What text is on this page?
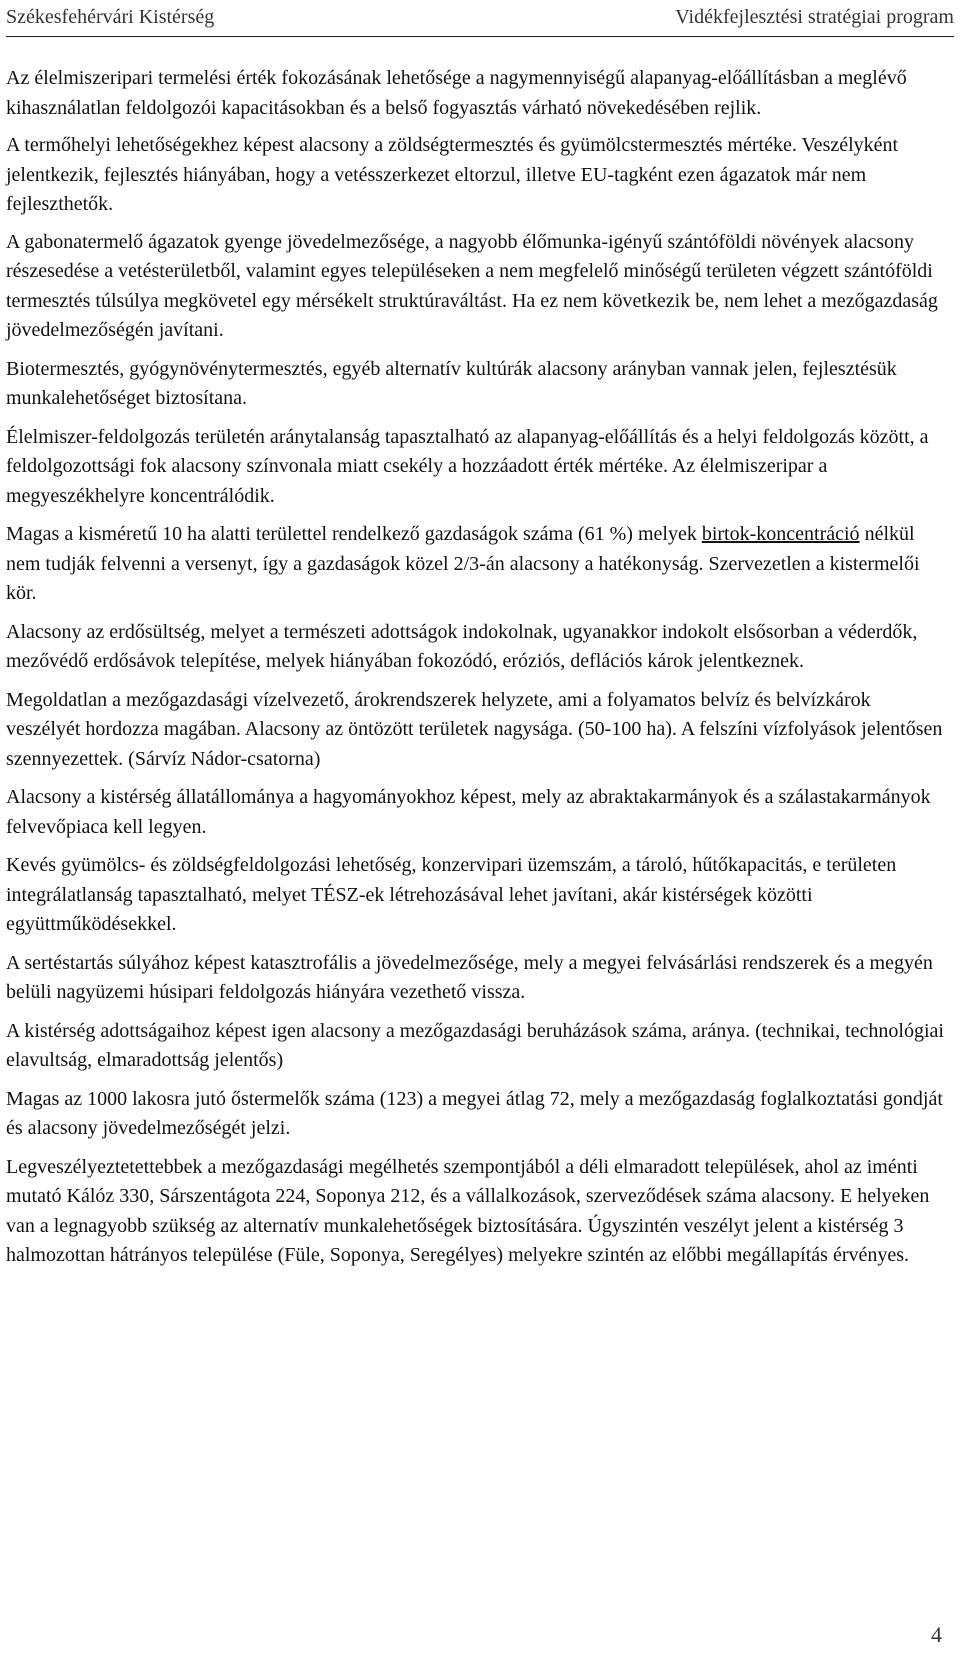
Székesfehérvári Kistérség	Vidékfejlesztési stratégiai program

Az élelmiszeripari termelési érték fokozásának lehetősége a nagymennyiségű alapanyag-előállításban a meglévő kihasználatlan feldolgozói kapacitásokban és a belső fogyasztás várható növekedésében rejlik.

A termőhelyi lehetőségekhez képest alacsony a zöldségtermesztés és gyümölcstermesztés mértéke. Veszélyként jelentkezik, fejlesztés hiányában, hogy a vetésszerkezet eltorzul, illetve EU-tagként ezen ágazatok már nem fejleszthetők.

A gabonatermelő ágazatok gyenge jövedelmezősége, a nagyobb élőmunka-igényű szántóföldi növények alacsony részesedése a vetésterületből, valamint egyes településeken a nem megfelelő minőségű területen végzett szántóföldi termesztés túlsúlya megkövetel egy mérsékelt struktúraváltást. Ha ez nem következik be, nem lehet a mezőgazdaság jövedelmezőségén javítani.

Biotermesztés, gyógynövénytermesztés, egyéb alternatív kultúrák alacsony arányban vannak jelen, fejlesztésük munkalehetőséget biztosítana.

Élelmiszer-feldolgozás területén aránytalanság tapasztalható az alapanyag-előállítás és a helyi feldolgozás között, a feldolgozottsági fok alacsony színvonala miatt csekély a hozzáadott érték mértéke. Az élelmiszeripar a megyeszékhelyre koncentrálódik.

Magas a kisméretű 10 ha alatti területtel rendelkező gazdaságok száma (61 %) melyek birtok-koncentráció nélkül nem tudják felvenni a versenyt, így a gazdaságok közel 2/3-án alacsony a hatékonyság. Szervezetlen a kistermelői kör.

Alacsony az erdősültség, melyet a természeti adottságok indokolnak, ugyanakkor indokolt elsősorban a véderdők, mezővédő erdősávok telepítése, melyek hiányában fokozódó, eróziós, deflációs károk jelentkeznek.

Megoldatlan a mezőgazdasági vízelvezető, árokrendszerek helyzete, ami a folyamatos belvíz és belvízkárok veszélyét hordozza magában. Alacsony az öntözött területek nagysága. (50-100 ha). A felszíni vízfolyások jelentősen szennyezettek. (Sárvíz Nádor-csatorna)

Alacsony a kistérség állatállománya a hagyományokhoz képest, mely az abraktakarmányok és a szálastakarmányok felvevőpiaca kell legyen.

Kevés gyümölcs- és zöldségfeldolgozási lehetőség, konzervipari üzemszám, a tároló, hűtőkapacitás, e területen integrálatlanság tapasztalható, melyet TÉSZ-ek létrehozásával lehet javítani, akár kistérségek közötti együttműködésekkel.

A sertéstartás súlyához képest katasztrofális a jövedelmezősége, mely a megyei felvásárlási rendszerek és a megyén belüli nagyüzemi húsipari feldolgozás hiányára vezethető vissza.

A kistérség adottságaihoz képest igen alacsony a mezőgazdasági beruházások száma, aránya. (technikai, technológiai elavultság, elmaradottság jelentős)

Magas az 1000 lakosra jutó őstermelők száma (123) a megyei átlag 72, mely a mezőgazdaság foglalkoztatási gondját és alacsony jövedelmezőségét jelzi.

Legveszélyeztetettebbek a mezőgazdasági megélhetés szempontjából a déli elmaradott települések, ahol az iménti mutató Kálóz 330, Sárszentágota 224, Soponya 212, és a vállalkozások, szerveződések száma alacsony. E helyeken van a legnagyobb szükség az alternatív munkalehetőségek biztosítására. Úgyszintén veszélyt jelent a kistérség 3 halmozottan hátrányos települése (Füle, Soponya, Seregélyes) melyekre szintén az előbbi megállapítás érvényes.

4
